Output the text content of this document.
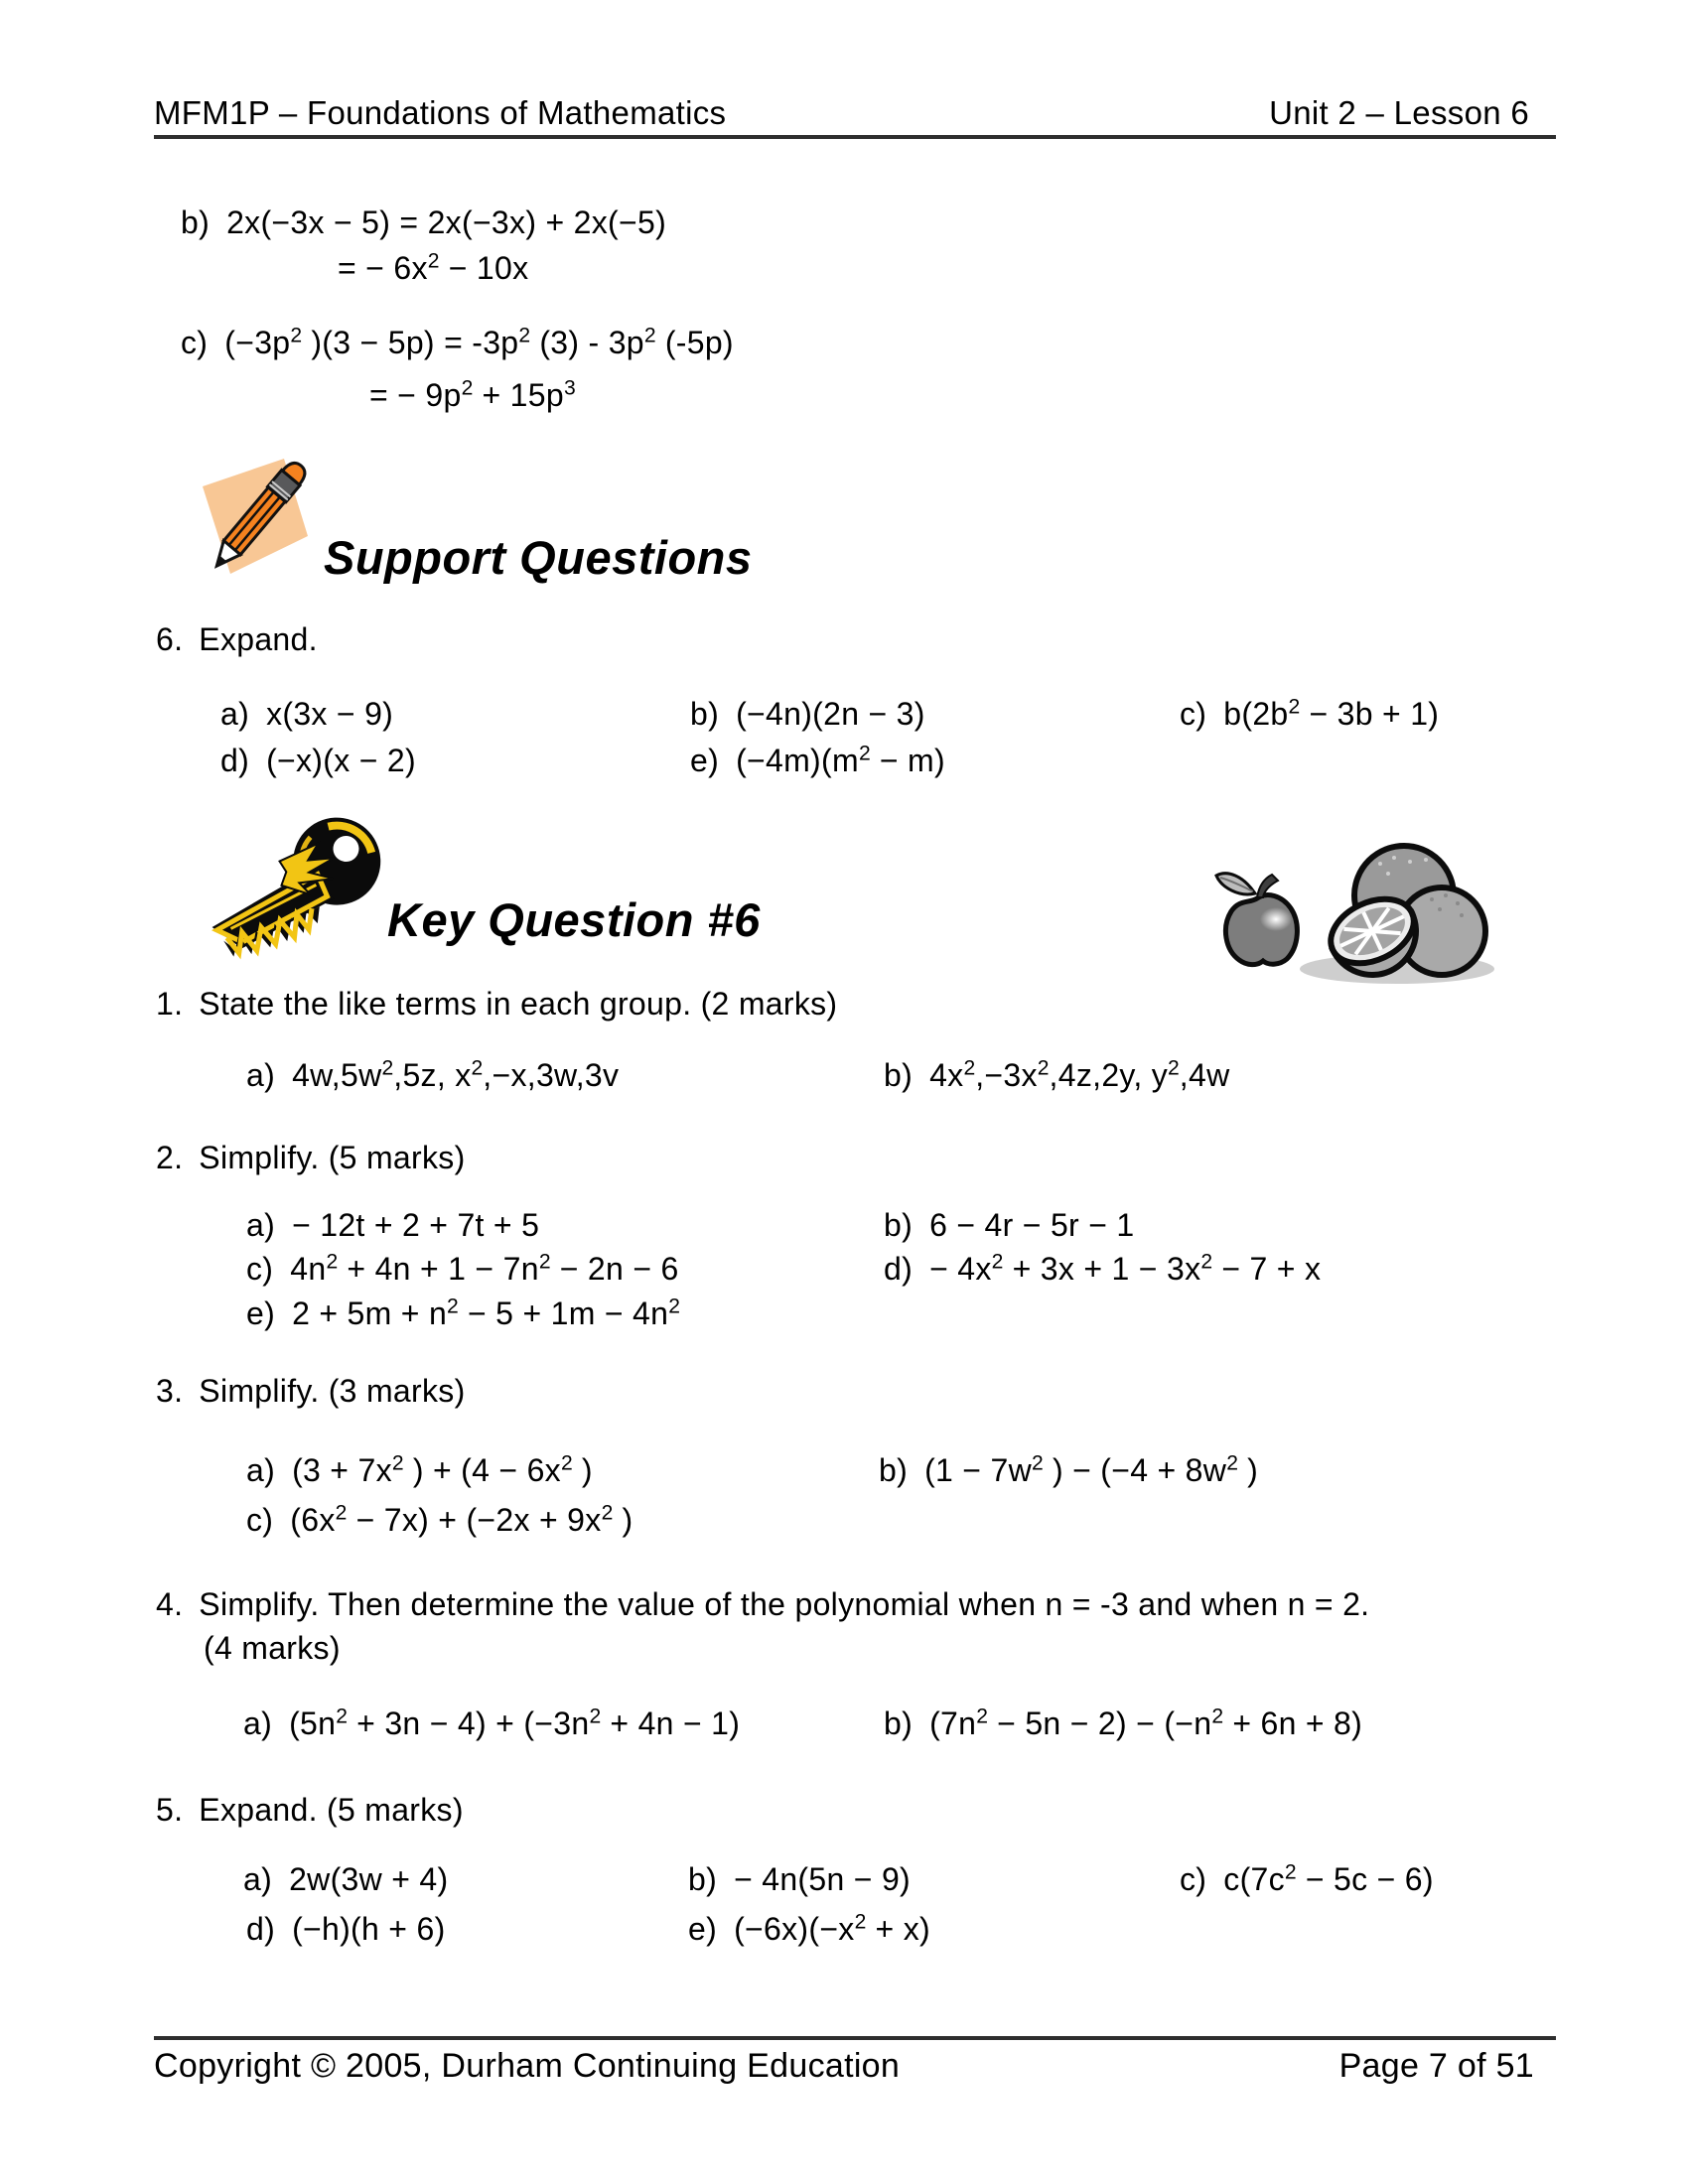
MFM1P – Foundations of Mathematics	Unit 2 – Lesson 6
b) 2x(−3x − 5) = 2x(−3x) + 2x(−5)
= − $6x^2 - 10x$
c) ($-3p^2$ )$(3 - 5p) = -3p^2$ $(3) - 3p^2$ (-5p)
= − $9p^2 + 15p^3$
Support Questions
6. Expand.
a) x(3x − 9)	b) (−4n)(2n − 3)	c) $b(2b^2 - 3b + 1)$
d) (−x)(x − 2)	e) $(-4m)(m^2 - m)$
Key Question #6
1. State the like terms in each group. (2 marks)
a) $4w,5w^2,5z$, $x^2,-x,3w,3v$	b) $4x^2,-3x^2,4z,2y$, $y^2,4w$
2. Simplify. (5 marks)
a) − 12t + 2 + 7t + 5	b) 6 − 4r − 5r − 1
c) $4n^2 + 4n + 1 - 7n^2 - 2n - 6$	$d) - 4x^2 + 3x + 1 - 3x^2 - 7 + x$
e) $2 + 5m + n^2 - 5 + 1m - 4n^2$
3. Simplify. (3 marks)
a) ($3 + 7x^2$ ) + ($4 - 6x^2$ )	b) ($1 - 7w^2$ ) − ($-4 + 8w^2$ )
c) $(6x^2 - 7x) + (-2x + 9x^2$ )
4. Simplify. Then determine the value of the polynomial when n = -3 and when n = 2.
(4 marks)
a) $(5n^2 + 3n - 4) + (-3n^2 + 4n - 1)$	b) $(7n^2 - 5n - 2) - (-n^2 + 6n + 8)$
5. Expand. (5 marks)
a) 2w(3w + 4)	b) − 4n(5n − 9)	c) $c(7c^2 - 5c - 6)$
d) (−h)(h + 6)	e) $(-6x)(-x^2 + x)$
Copyright © 2005, Durham Continuing Education	Page 7 of 51
